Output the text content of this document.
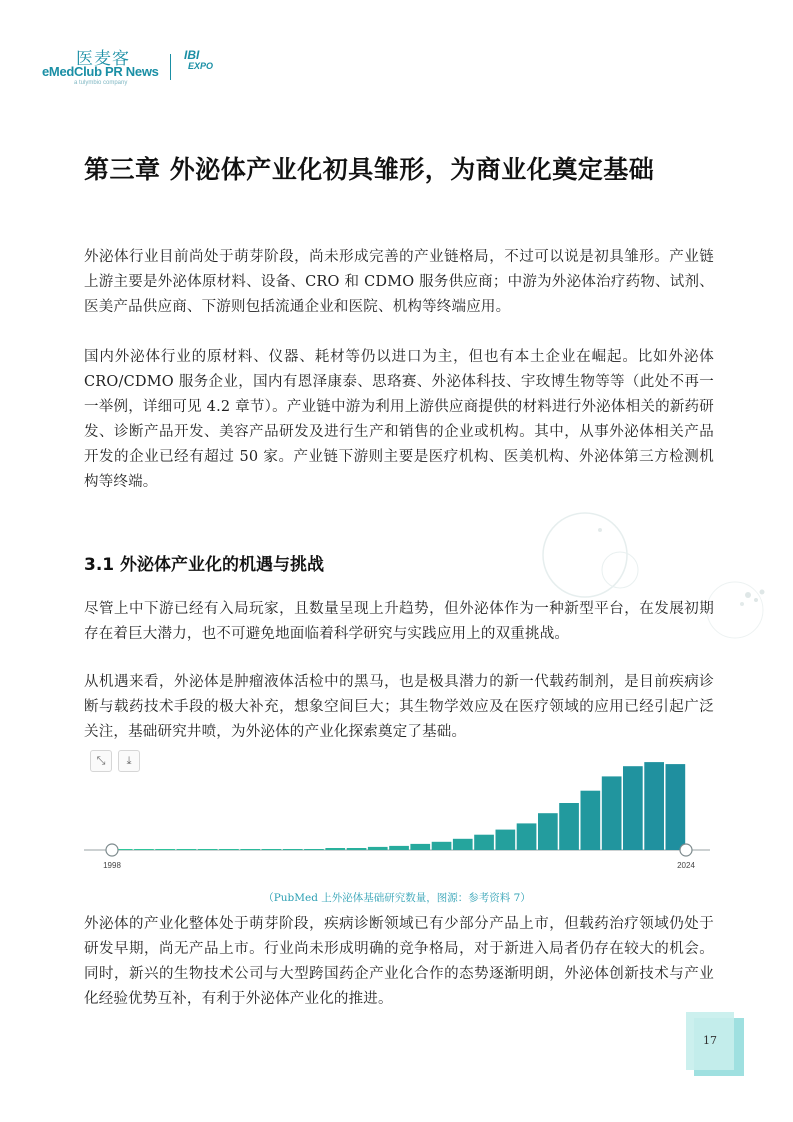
医麦客
eMedClub PR News
a tulymbio company
IBI
EXPO
第三章 外泌体产业化初具雏形，为商业化奠定基础

外泌体行业目前尚处于萌芽阶段，尚未形成完善的产业链格局，不过可以说是初具雏形。产业链上游主要是外泌体原材料、设备、CRO 和 CDMO 服务供应商；中游为外泌体治疗药物、试剂、医美产品供应商、下游则包括流通企业和医院、机构等终端应用。

国内外泌体行业的原材料、仪器、耗材等仍以进口为主，但也有本土企业在崛起。比如外泌体 CRO/CDMO 服务企业，国内有恩泽康泰、思珞赛、外泌体科技、宇玫博生物等等（此处不再一一举例，详细可见 4.2 章节）。产业链中游为利用上游供应商提供的材料进行外泌体相关的新药研发、诊断产品开发、美容产品研发及进行生产和销售的企业或机构。其中，从事外泌体相关产品开发的企业已经有超过 50 家。产业链下游则主要是医疗机构、医美机构、外泌体第三方检测机构等终端。

3.1 外泌体产业化的机遇与挑战

尽管上中下游已经有入局玩家，且数量呈现上升趋势，但外泌体作为一种新型平台，在发展初期存在着巨大潜力，也不可避免地面临着科学研究与实践应用上的双重挑战。

从机遇来看，外泌体是肿瘤液体活检中的黑马，也是极具潜力的新一代载药制剂，是目前疾病诊断与载药技术手段的极大补充，想象空间巨大；其生物学效应及在医疗领域的应用已经引起广泛关注，基础研究井喷，为外泌体的产业化探索奠定了基础。

⤡	⤓
1998	2024
（PubMed 上外泌体基础研究数量，图源：参考资料 7）

外泌体的产业化整体处于萌芽阶段，疾病诊断领域已有少部分产品上市，但载药治疗领域仍处于研发早期，尚无产品上市。行业尚未形成明确的竞争格局，对于新进入局者仍存在较大的机会。同时，新兴的生物技术公司与大型跨国药企产业化合作的态势逐渐明朗，外泌体创新技术与产业化经验优势互补，有利于外泌体产业化的推进。

17
